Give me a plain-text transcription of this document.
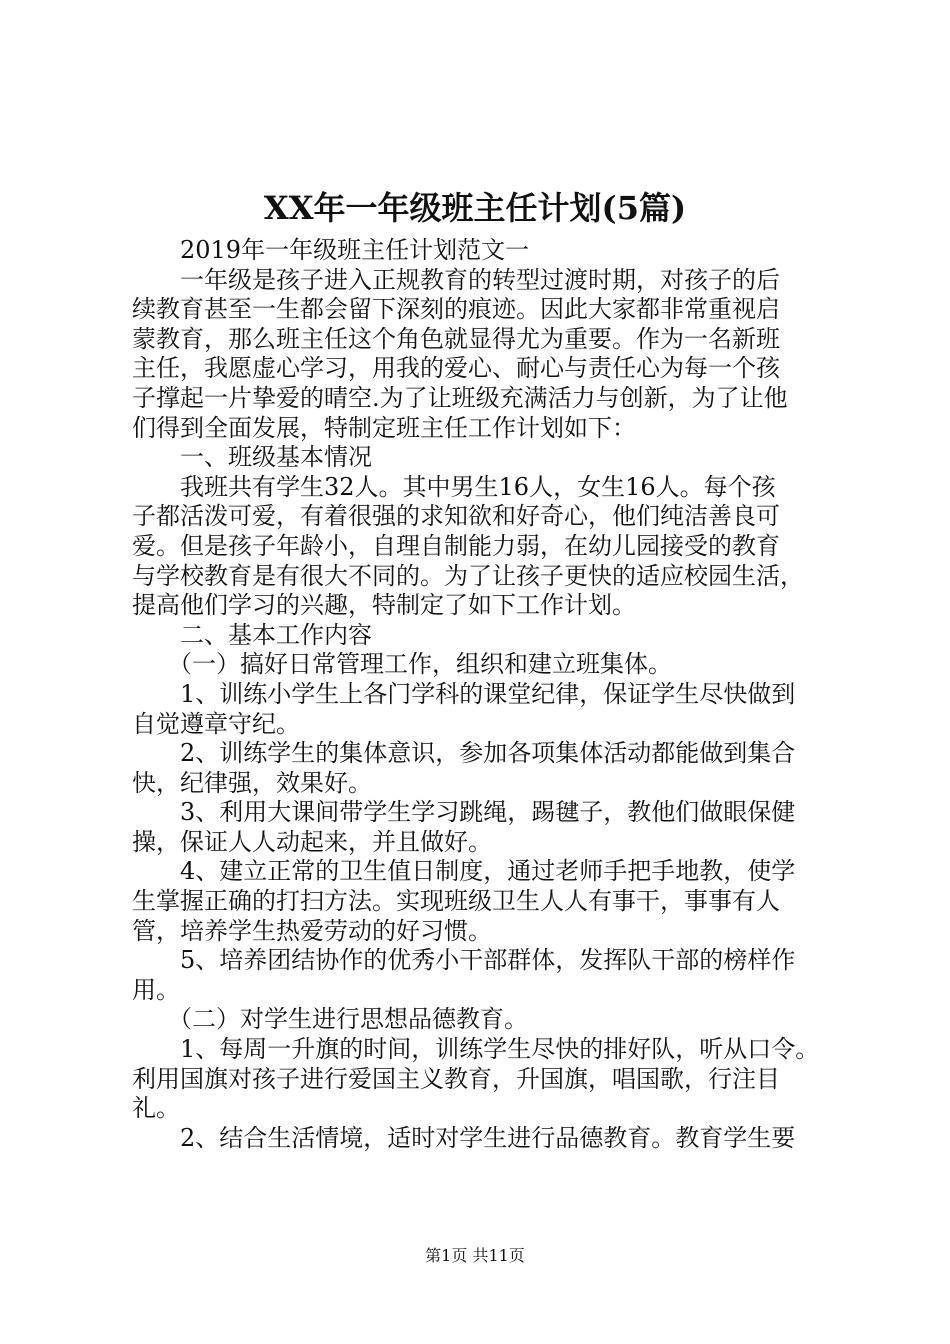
XX年一年级班主任计划(5篇)
　　2019年一年级班主任计划范文一
　　一年级是孩子进入正规教育的转型过渡时期，对孩子的后
续教育甚至一生都会留下深刻的痕迹。因此大家都非常重视启
蒙教育，那么班主任这个角色就显得尤为重要。作为一名新班
主任，我愿虚心学习，用我的爱心、耐心与责任心为每一个孩
子撑起一片挚爱的晴空.为了让班级充满活力与创新，为了让他
们得到全面发展，特制定班主任工作计划如下：
　　一、班级基本情况
　　我班共有学生32人。其中男生16人，女生16人。每个孩
子都活泼可爱，有着很强的求知欲和好奇心，他们纯洁善良可
爱。但是孩子年龄小，自理自制能力弱，在幼儿园接受的教育
与学校教育是有很大不同的。为了让孩子更快的适应校园生活，
提高他们学习的兴趣，特制定了如下工作计划。
　　二、基本工作内容
　　（一）搞好日常管理工作，组织和建立班集体。
　　1、训练小学生上各门学科的课堂纪律，保证学生尽快做到
自觉遵章守纪。
　　2、训练学生的集体意识，参加各项集体活动都能做到集合
快，纪律强，效果好。
　　3、利用大课间带学生学习跳绳，踢毽子，教他们做眼保健
操，保证人人动起来，并且做好。
　　4、建立正常的卫生值日制度，通过老师手把手地教，使学
生掌握正确的打扫方法。实现班级卫生人人有事干，事事有人
管，培养学生热爱劳动的好习惯。
　　5、培养团结协作的优秀小干部群体，发挥队干部的榜样作
用。
　　（二）对学生进行思想品德教育。
　　1、每周一升旗的时间，训练学生尽快的排好队，听从口令。
利用国旗对孩子进行爱国主义教育，升国旗，唱国歌，行注目
礼。
　　2、结合生活情境，适时对学生进行品德教育。教育学生要
第1页 共11页
